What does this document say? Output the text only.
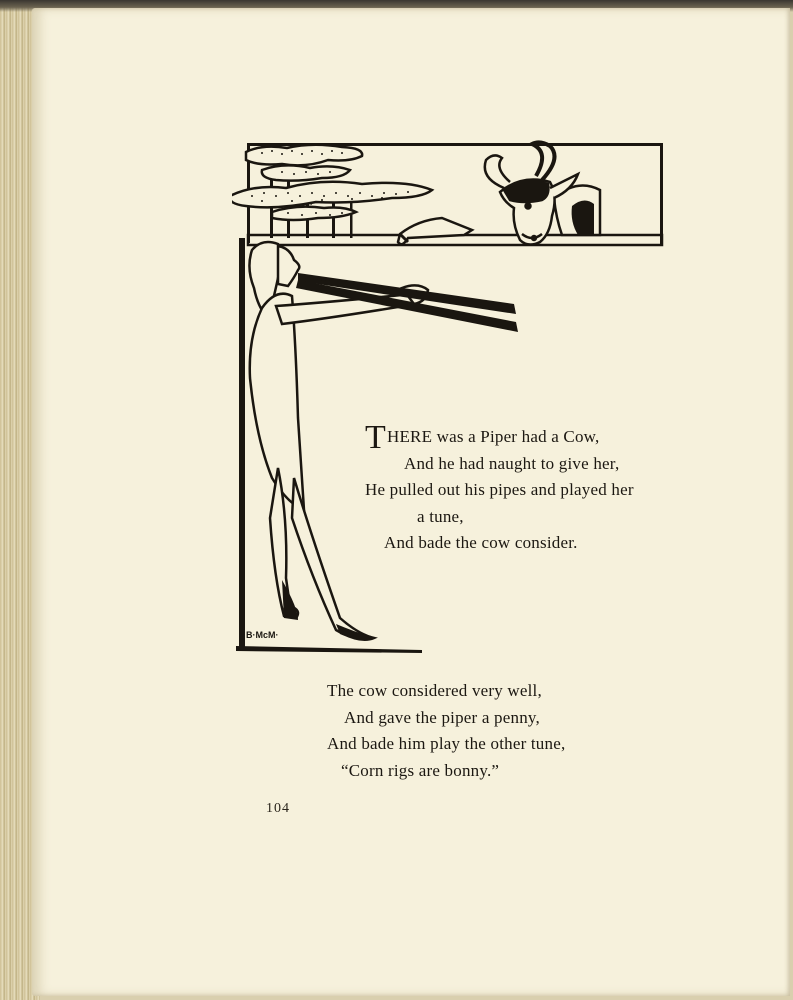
B·McM·

THERE was a Piper had a Cow,
And he had naught to give her,
He pulled out his pipes and played her
a tune,
And bade the cow consider.

The cow considered very well,
And gave the piper a penny,
And bade him play the other tune,
“Corn rigs are bonny.”

104
